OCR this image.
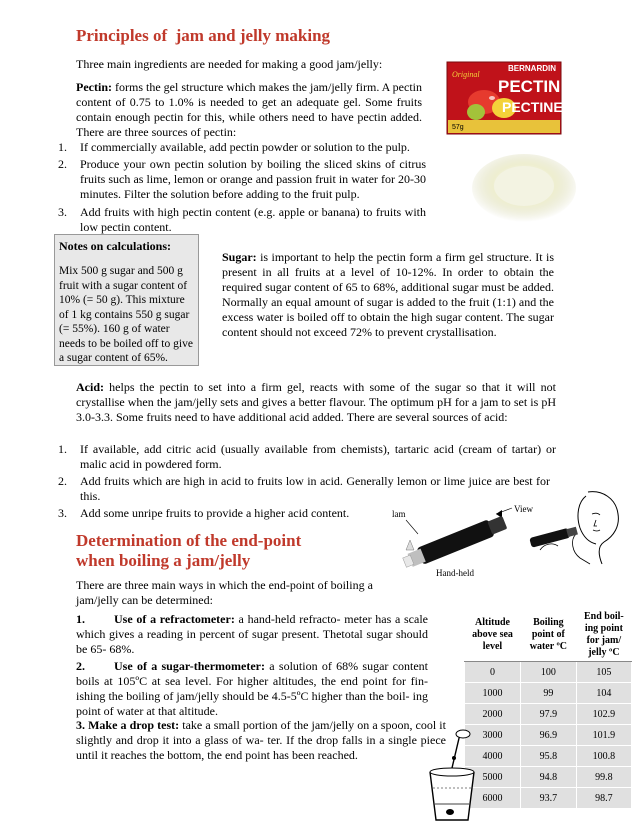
Principles of  jam and jelly making

Three main ingredients are needed for making a good jam/jelly:

Pectin: forms the gel structure which makes the jam/jelly firm. A pectin content of 0.75 to 1.0% is needed to get an adequate gel. Some fruits contain enough pectin for this, while others need to have pectin added. There are three sources of pectin:

1. If commercially available, add pectin powder or solution to the pulp.
2. Produce your own pectin solution by boiling the sliced skins of citrus fruits such as lime, lemon or orange and passion fruit in water for 20-30 minutes. Filter the solution before adding to the fruit pulp.
3. Add fruits with high pectin content (e.g. apple or banana) to fruits with low pectin content.
BERNARDIN
Original
PECTIN
PECTINE
57g
Notes on calculations:
Mix 500 g sugar and 500 g fruit with a sugar content of 10% (= 50 g). This mixture of 1 kg contains 550 g sugar (= 55%). 160 g of water needs to be boiled off to give a sugar content of 65%.

Sugar: is important to help the pectin form a firm gel structure. It is present in all fruits at a level of 10-12%. In order to obtain the required sugar content of 65 to 68%, additional sugar must be added. Normally an equal amount of sugar is added to the fruit (1:1) and the excess water is boiled off to obtain the high sugar content. The sugar content should not exceed 72% to prevent crystallisation.

Acid: helps the pectin to set into a firm gel, reacts with some of the sugar so that it will not crystallise when the jam/jelly sets and gives a better flavour. The optimum pH for a jam to set is pH 3.0-3.3. Some fruits need to have additional acid added. There are several sources of acid:

1. If available, add citric acid (usually available from chemists), tartaric acid (cream of tartar) or malic acid in powdered form.
2. Add fruits which are high in acid to fruits low in acid. Generally lemon or lime juice are best for this.
3. Add some unripe fruits to provide a higher acid content.	lam	View
Hand-held
Determination of the end-point
when boiling a jam/jelly

There are three main ways in which the end-point of boiling a jam/jelly can be determined:

1. Use of a refractometer: a hand-held refracto- meter has a scale which gives a reading in percent of sugar present. Thetotal sugar should be 65- 68%.

2. Use of a sugar-thermometer: a solution of 68% sugar content boils at 105ºC at sea level. For higher altitudes, the end point for fin- ishing the boiling of jam/jelly should be 4.5-5ºC higher than the boil- ing point of water at that altitude.

3. Make a drop test: take a small portion of the jam/jelly on a spoon, cool it slightly and drop it into a glass of wa- ter. If the drop falls in a single piece until it reaches the bottom, the end point has been reached.

Altitude above sea level	Boiling point of water ºC	End boil- ing point for jam/ jelly ºC
0	100	105
1000	99	104
2000	97.9	102.9
3000	96.9	101.9
4000	95.8	100.8
5000	94.8	99.8
6000	93.7	98.7
